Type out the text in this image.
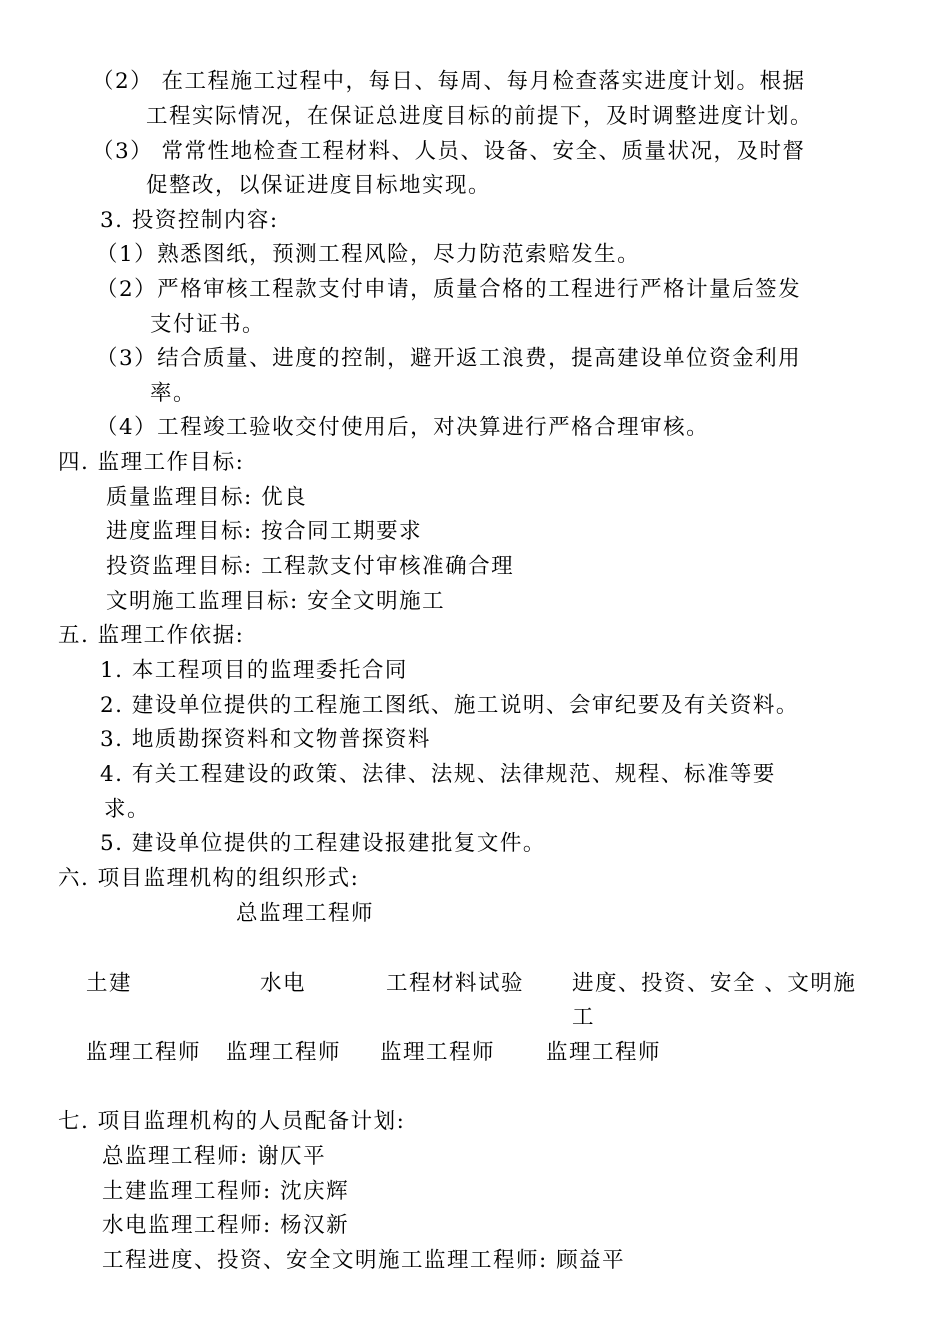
（2） 在工程施工过程中，每日、每周、每月检查落实进度计划。根据
工程实际情况，在保证总进度目标的前提下，及时调整进度计划。
（3） 常常性地检查工程材料、人员、设备、安全、质量状况，及时督
促整改，以保证进度目标地实现。
3. 投资控制内容:
（1）熟悉图纸，预测工程风险，尽力防范索赔发生。
（2）严格审核工程款支付申请，质量合格的工程进行严格计量后签发
支付证书。
（3）结合质量、进度的控制，避开返工浪费，提高建设单位资金利用
率。
（4）工程竣工验收交付使用后，对决算进行严格合理审核。
四. 监理工作目标:
质量监理目标: 优良
进度监理目标: 按合同工期要求
投资监理目标: 工程款支付审核准确合理
文明施工监理目标: 安全文明施工
五. 监理工作依据:
1. 本工程项目的监理委托合同
2. 建设单位提供的工程施工图纸、施工说明、会审纪要及有关资料。
3. 地质勘探资料和文物普探资料
4. 有关工程建设的政策、法律、法规、法律规范、规程、标准等要
求。
5. 建设单位提供的工程建设报建批复文件。
六. 项目监理机构的组织形式:
总监理工程师
土建	水电	工程材料试验 进度、投资、安全 、文明施
工
监理工程师 监理工程师 监理工程师 监理工程师
七. 项目监理机构的人员配备计划:
总监理工程师: 谢仄平
土建监理工程师: 沈庆辉
水电监理工程师: 杨汉新
工程进度、投资、安全文明施工监理工程师: 顾益平
